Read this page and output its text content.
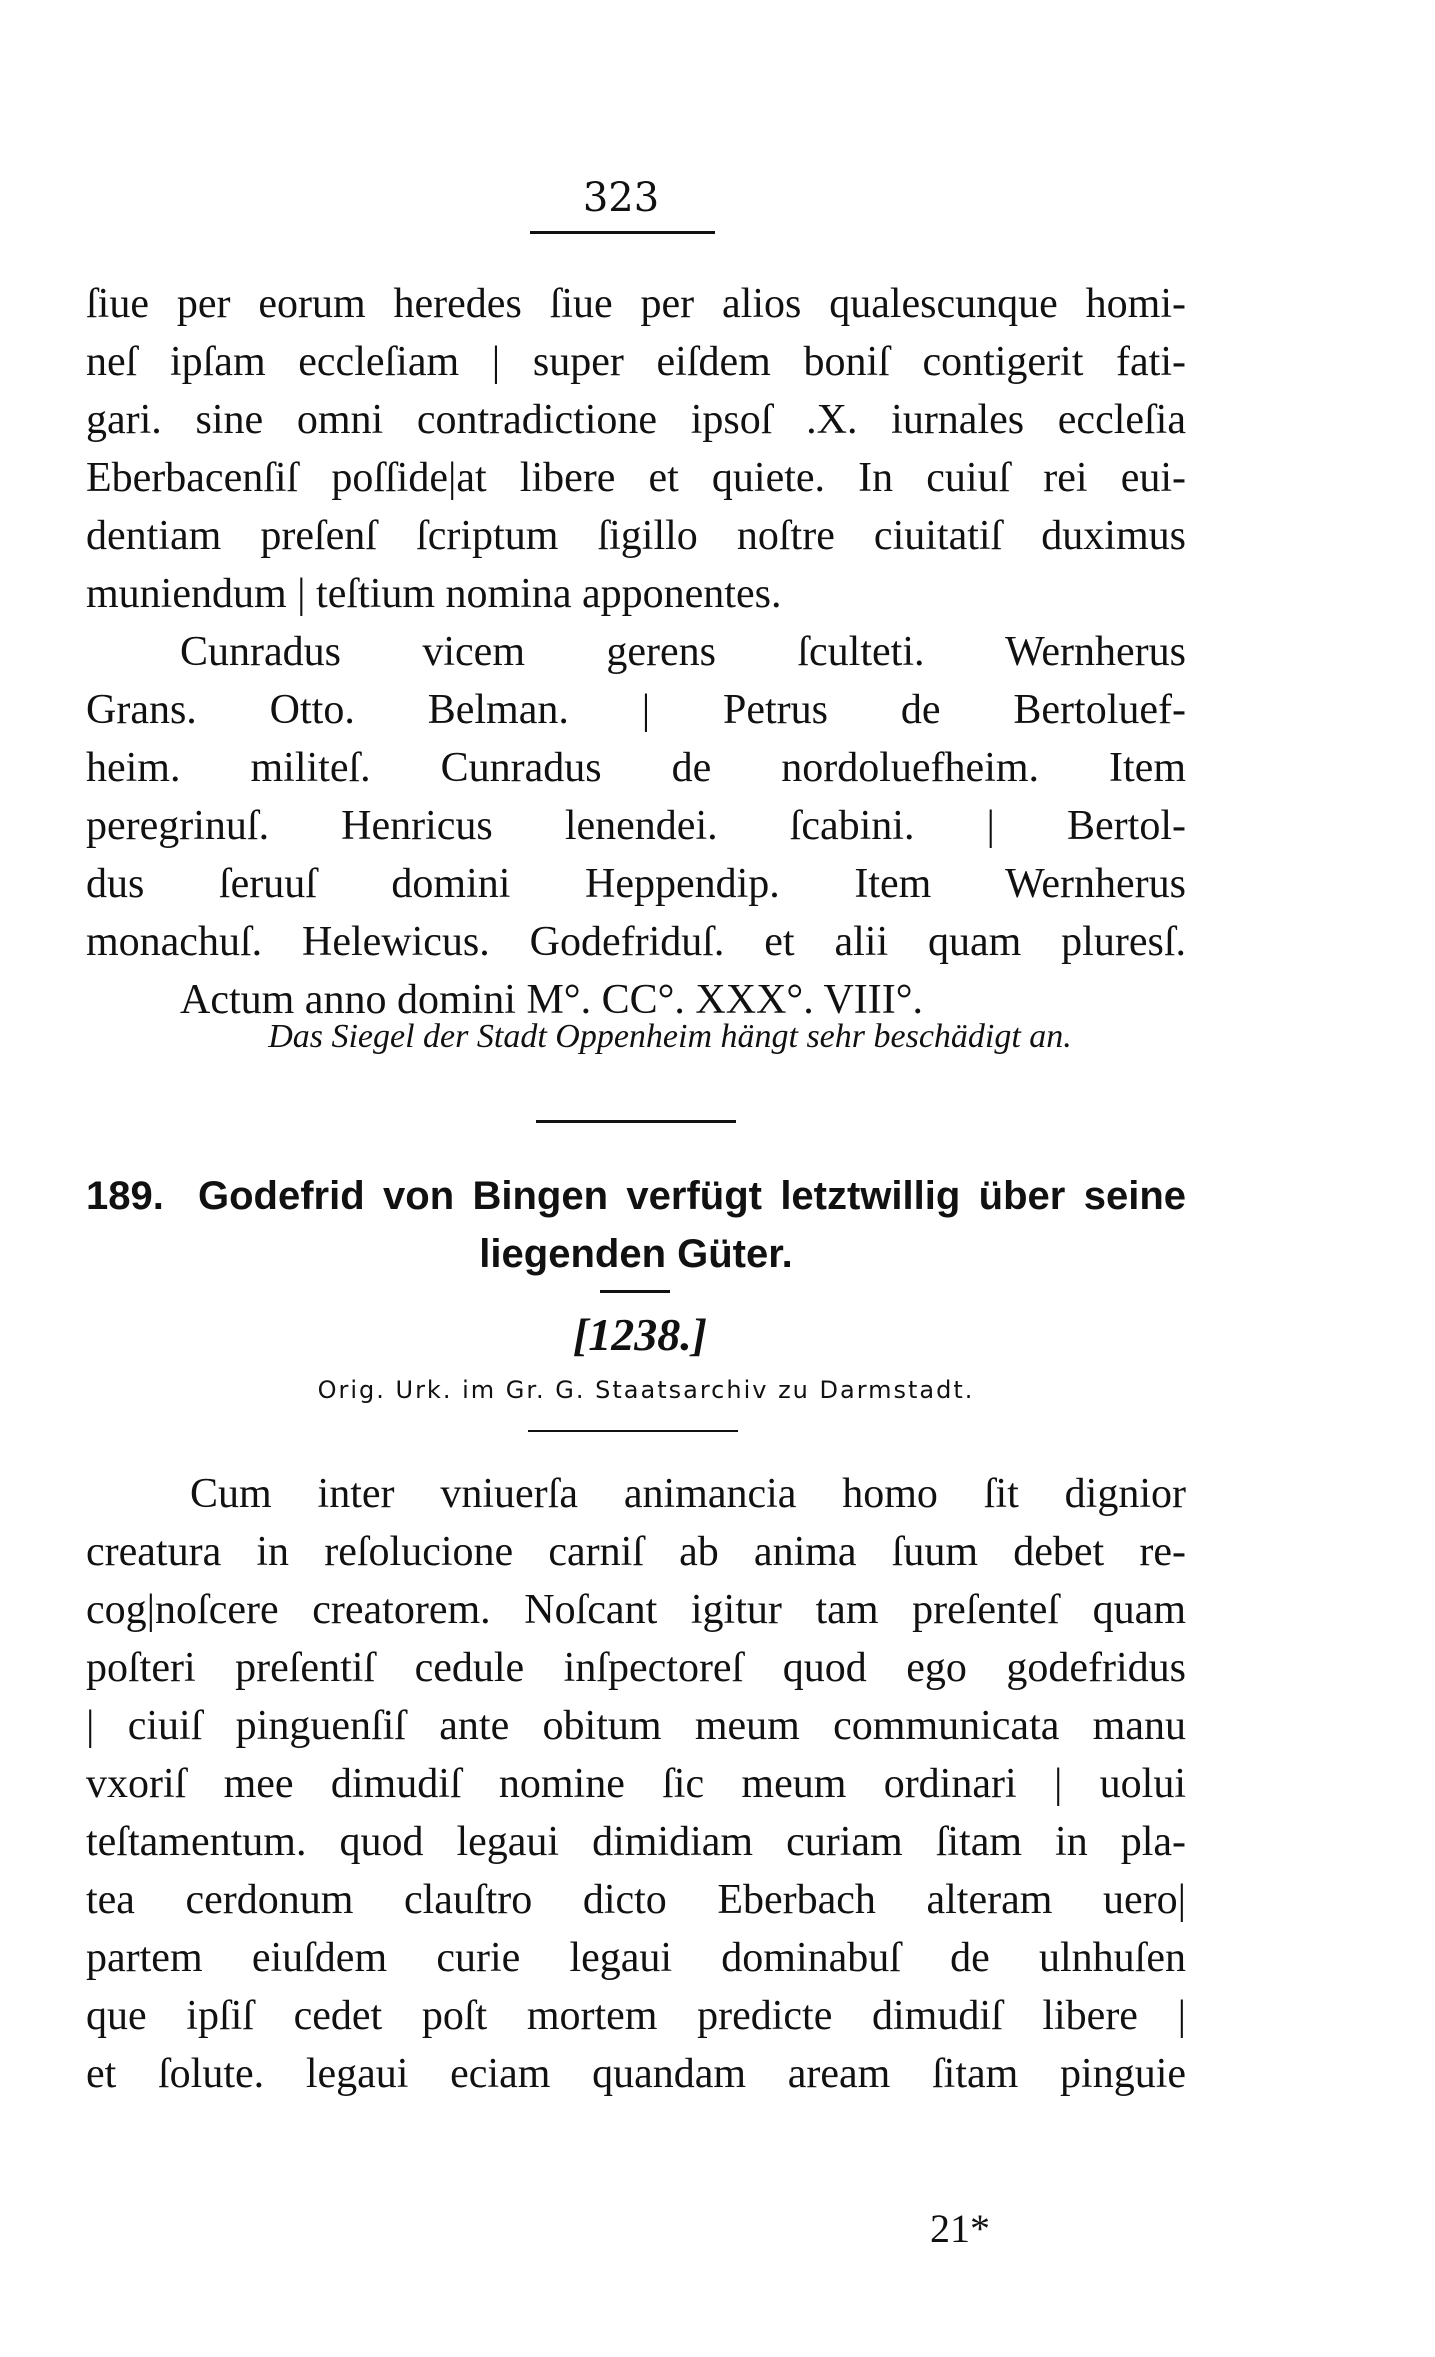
323
ſiue per eorum heredes ſiue per alios qualescunque homi-
neſ ipſam eccleſiam | super eiſdem boniſ contigerit fati-
gari. sine omni contradictione ipsoſ .X. iurnales eccleſia
Eberbacenſiſ poſſide|at libere et quiete. In cuiuſ rei eui-
dentiam preſenſ ſcriptum ſigillo noſtre ciuitatiſ duximus
muniendum | teſtium nomina apponentes.
Cunradus vicem gerens ſculteti. Wernherus
Grans. Otto. Belman. | Petrus de Bertoluef-
heim. militeſ. Cunradus de nordoluefheim. Item
peregrinuſ. Henricus lenendei. ſcabini. | Bertol-
dus ſeruuſ domini Heppendip. Item Wernherus
monachuſ. Helewicus. Godefriduſ. et alii quam pluresſ.
Actum anno domini M°. CC°. XXX°. VIII°.
Das Siegel der Stadt Oppenheim hängt sehr beschädigt an.
189. Godefrid von Bingen verfügt letztwillig über seine
liegenden Güter.
[1238.]
Orig. Urk. im Gr. G. Staatsarchiv zu Darmstadt.
Cum inter vniuerſa animancia homo ſit dignior
creatura in reſolucione carniſ ab anima ſuum debet re-
cog|noſcere creatorem. Noſcant igitur tam preſenteſ quam
poſteri preſentiſ cedule inſpectoreſ quod ego godefridus
| ciuiſ pinguenſiſ ante obitum meum communicata manu
vxoriſ mee dimudiſ nomine ſic meum ordinari | uolui
teſtamentum. quod legaui dimidiam curiam ſitam in pla-
tea cerdonum clauſtro dicto Eberbach alteram uero|
partem eiuſdem curie legaui dominabuſ de ulnhuſen
que ipſiſ cedet poſt mortem predicte dimudiſ libere |
et ſolute. legaui eciam quandam aream ſitam pinguie
21*
